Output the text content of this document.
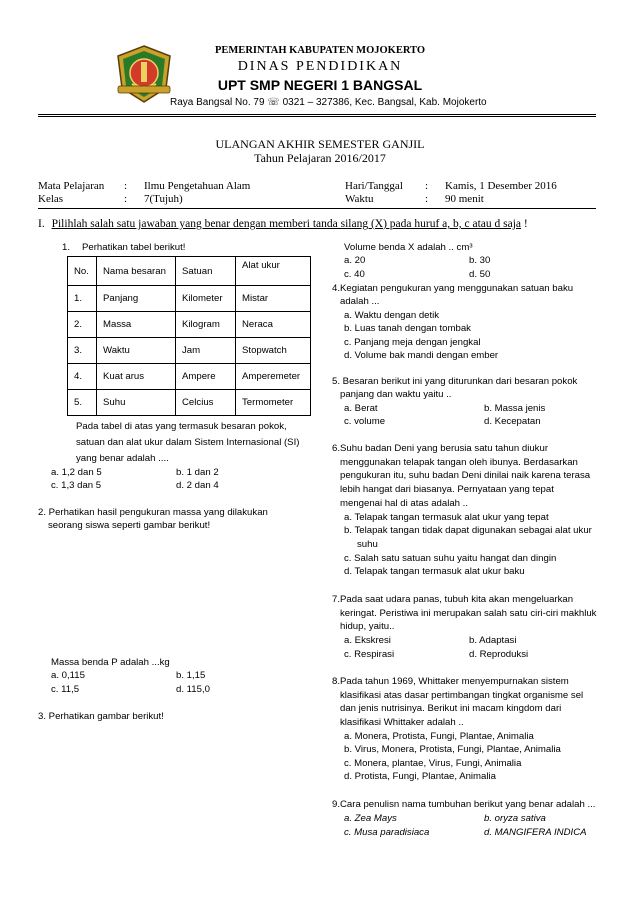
PEMERINTAH KABUPATEN MOJOKERTO
DINAS PENDIDIKAN
UPT SMP NEGERI 1 BANGSAL
Raya Bangsal No. 79 ☏ 0321 – 327386, Kec. Bangsal, Kab. Mojokerto
ULANGAN AKHIR SEMESTER GANJIL
Tahun Pelajaran 2016/2017
Mata Pelajaran : Ilmu Pengetahuan Alam
Kelas	: 7(Tujuh)
Hari/Tanggal : Kamis, 1 Desember 2016
Waktu	: 90 menit
I. Pilihlah salah satu jawaban yang benar dengan memberi tanda silang (X) pada huruf a, b, c atau d saja !
1. Perhatikan tabel berikut!
No.	Nama besaran	Satuan	Alat ukur
1.	Panjang	Kilometer	Mistar
2.	Massa	Kilogram	Neraca
3.	Waktu	Jam	Stopwatch
4.	Kuat arus	Ampere	Amperemeter
5.	Suhu	Celcius	Termometer
Pada tabel di atas yang termasuk besaran pokok,
satuan dan alat ukur dalam Sistem Internasional (SI)
yang benar adalah ....
a. 1,2 dan 5	b. 1 dan 2
c. 1,3 dan 5	d. 2 dan 4
2. Perhatikan hasil pengukuran massa yang dilakukan
seorang siswa seperti gambar berikut!
Massa benda P adalah ...kg
a. 0,115	b. 1,15
c. 11,5	d. 115,0
3. Perhatikan gambar berikut!
Volume benda X adalah .. cm³
a. 20	b. 30
c. 40	d. 50
4.Kegiatan pengukuran yang menggunakan satuan baku
adalah ...
a. Waktu dengan detik
b. Luas tanah dengan tombak
c. Panjang meja dengan jengkal
d. Volume bak mandi dengan ember
5. Besaran berikut ini yang diturunkan dari besaran pokok
panjang dan waktu yaitu ..
a. Berat	b. Massa jenis
c. volume	d. Kecepatan
6.Suhu badan Deni yang berusia satu tahun diukur
menggunakan telapak tangan oleh ibunya. Berdasarkan
pengukuran itu, suhu badan Deni dinilai naik karena terasa
lebih hangat dari biasanya. Pernyataan yang tepat
mengenai hal di atas adalah ..
a. Telapak tangan termasuk alat ukur yang tepat
b. Telapak tangan tidak dapat digunakan sebagai alat ukur
suhu
c. Salah satu satuan suhu yaitu hangat dan dingin
d. Telapak tangan termasuk alat ukur baku
7.Pada saat udara panas, tubuh kita akan mengeluarkan
keringat. Peristiwa ini merupakan salah satu ciri-ciri makhluk
hidup, yaitu..
a. Ekskresi	b. Adaptasi
c. Respirasi	d. Reproduksi
8.Pada tahun 1969, Whittaker menyempurnakan sistem
klasifikasi atas dasar pertimbangan tingkat organisme sel
dan jenis nutrisinya. Berikut ini macam kingdom dari
klasifikasi Whittaker adalah ..
a. Monera, Protista, Fungi, Plantae, Animalia
b. Virus, Monera, Protista, Fungi, Plantae, Animalia
c. Monera, plantae, Virus, Fungi, Animalia
d. Protista, Fungi, Plantae, Animalia
9.Cara penulisn nama tumbuhan berikut yang benar adalah ...
a. Zea Mays	b. oryza sativa
c. Musa paradisiaca	d. MANGIFERA INDICA
